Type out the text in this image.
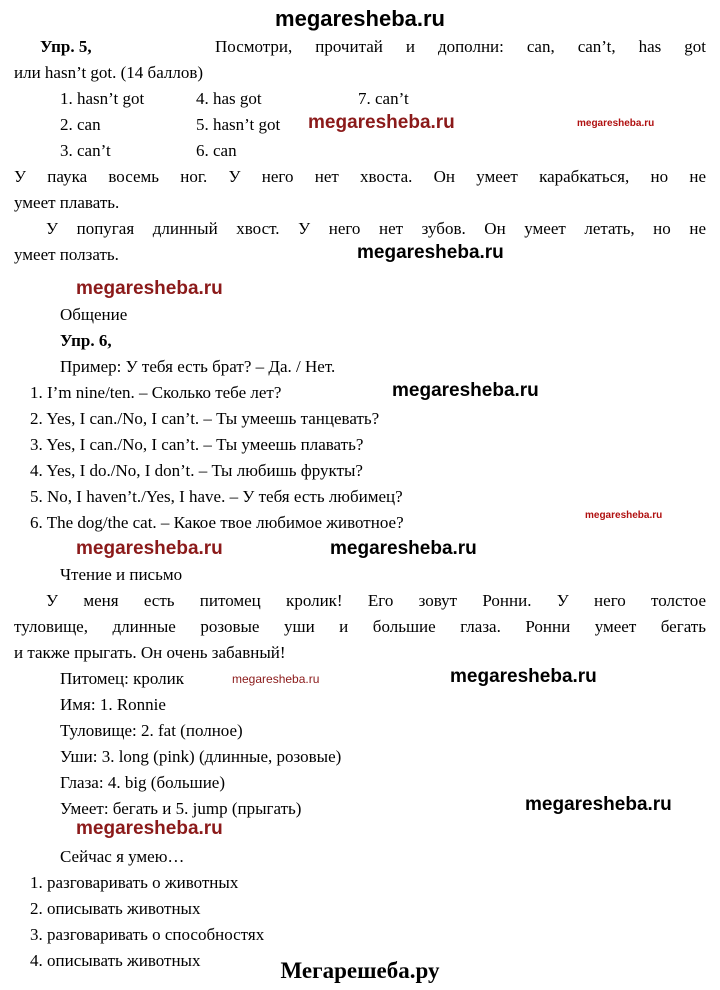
megaresheba.ru
Упр. 5,	Посмотри, прочитай и дополни: can, can’t, has got
или hasn’t got. (14 баллов)
1. hasn’t got	4. has got	7. can’t
2. can	5. hasn’t got megaresheba.ru	megaresheba.ru
3. can’t	6. can
У паука восемь ног. У него нет хвоста. Он умеет карабкаться, но не
умеет плавать.
У попугая длинный хвост. У него нет зубов. Он умеет летать, но не
умеет ползать.	megaresheba.ru
megaresheba.ru
Общение
Упр. 6,
Пример: У тебя есть брат? – Да. / Нет.
1. I’m nine/ten. – Сколько тебе лет?	megaresheba.ru
2. Yes, I can./No, I can’t. – Ты умеешь танцевать?
3. Yes, I can./No, I can’t. – Ты умеешь плавать?
4. Yes, I do./No, I don’t. – Ты любишь фрукты?
5. No, I haven’t./Yes, I have. – У тебя есть любимец?
6. The dog/the cat. – Какое твое любимое животное?	megaresheba.ru
megaresheba.ru	megaresheba.ru
Чтение и письмо
У меня есть питомец кролик! Его зовут Ронни. У него толстое
туловище, длинные розовые уши и большие глаза. Ронни умеет бегать
и также прыгать. Он очень забавный!
Питомец: кролик	megaresheba.ru	megaresheba.ru
Имя: 1. Ronnie
Туловище: 2. fat (полное)
Уши: 3. long (pink) (длинные, розовые)
Глаза: 4. big (большие)
Умеет: бегать и 5. jump (прыгать)	megaresheba.ru
megaresheba.ru
Сейчас я умею…
1. разговаривать о животных
2. описывать животных
3. разговаривать о способностях
4. описывать животных	Мегарешеба.ру
